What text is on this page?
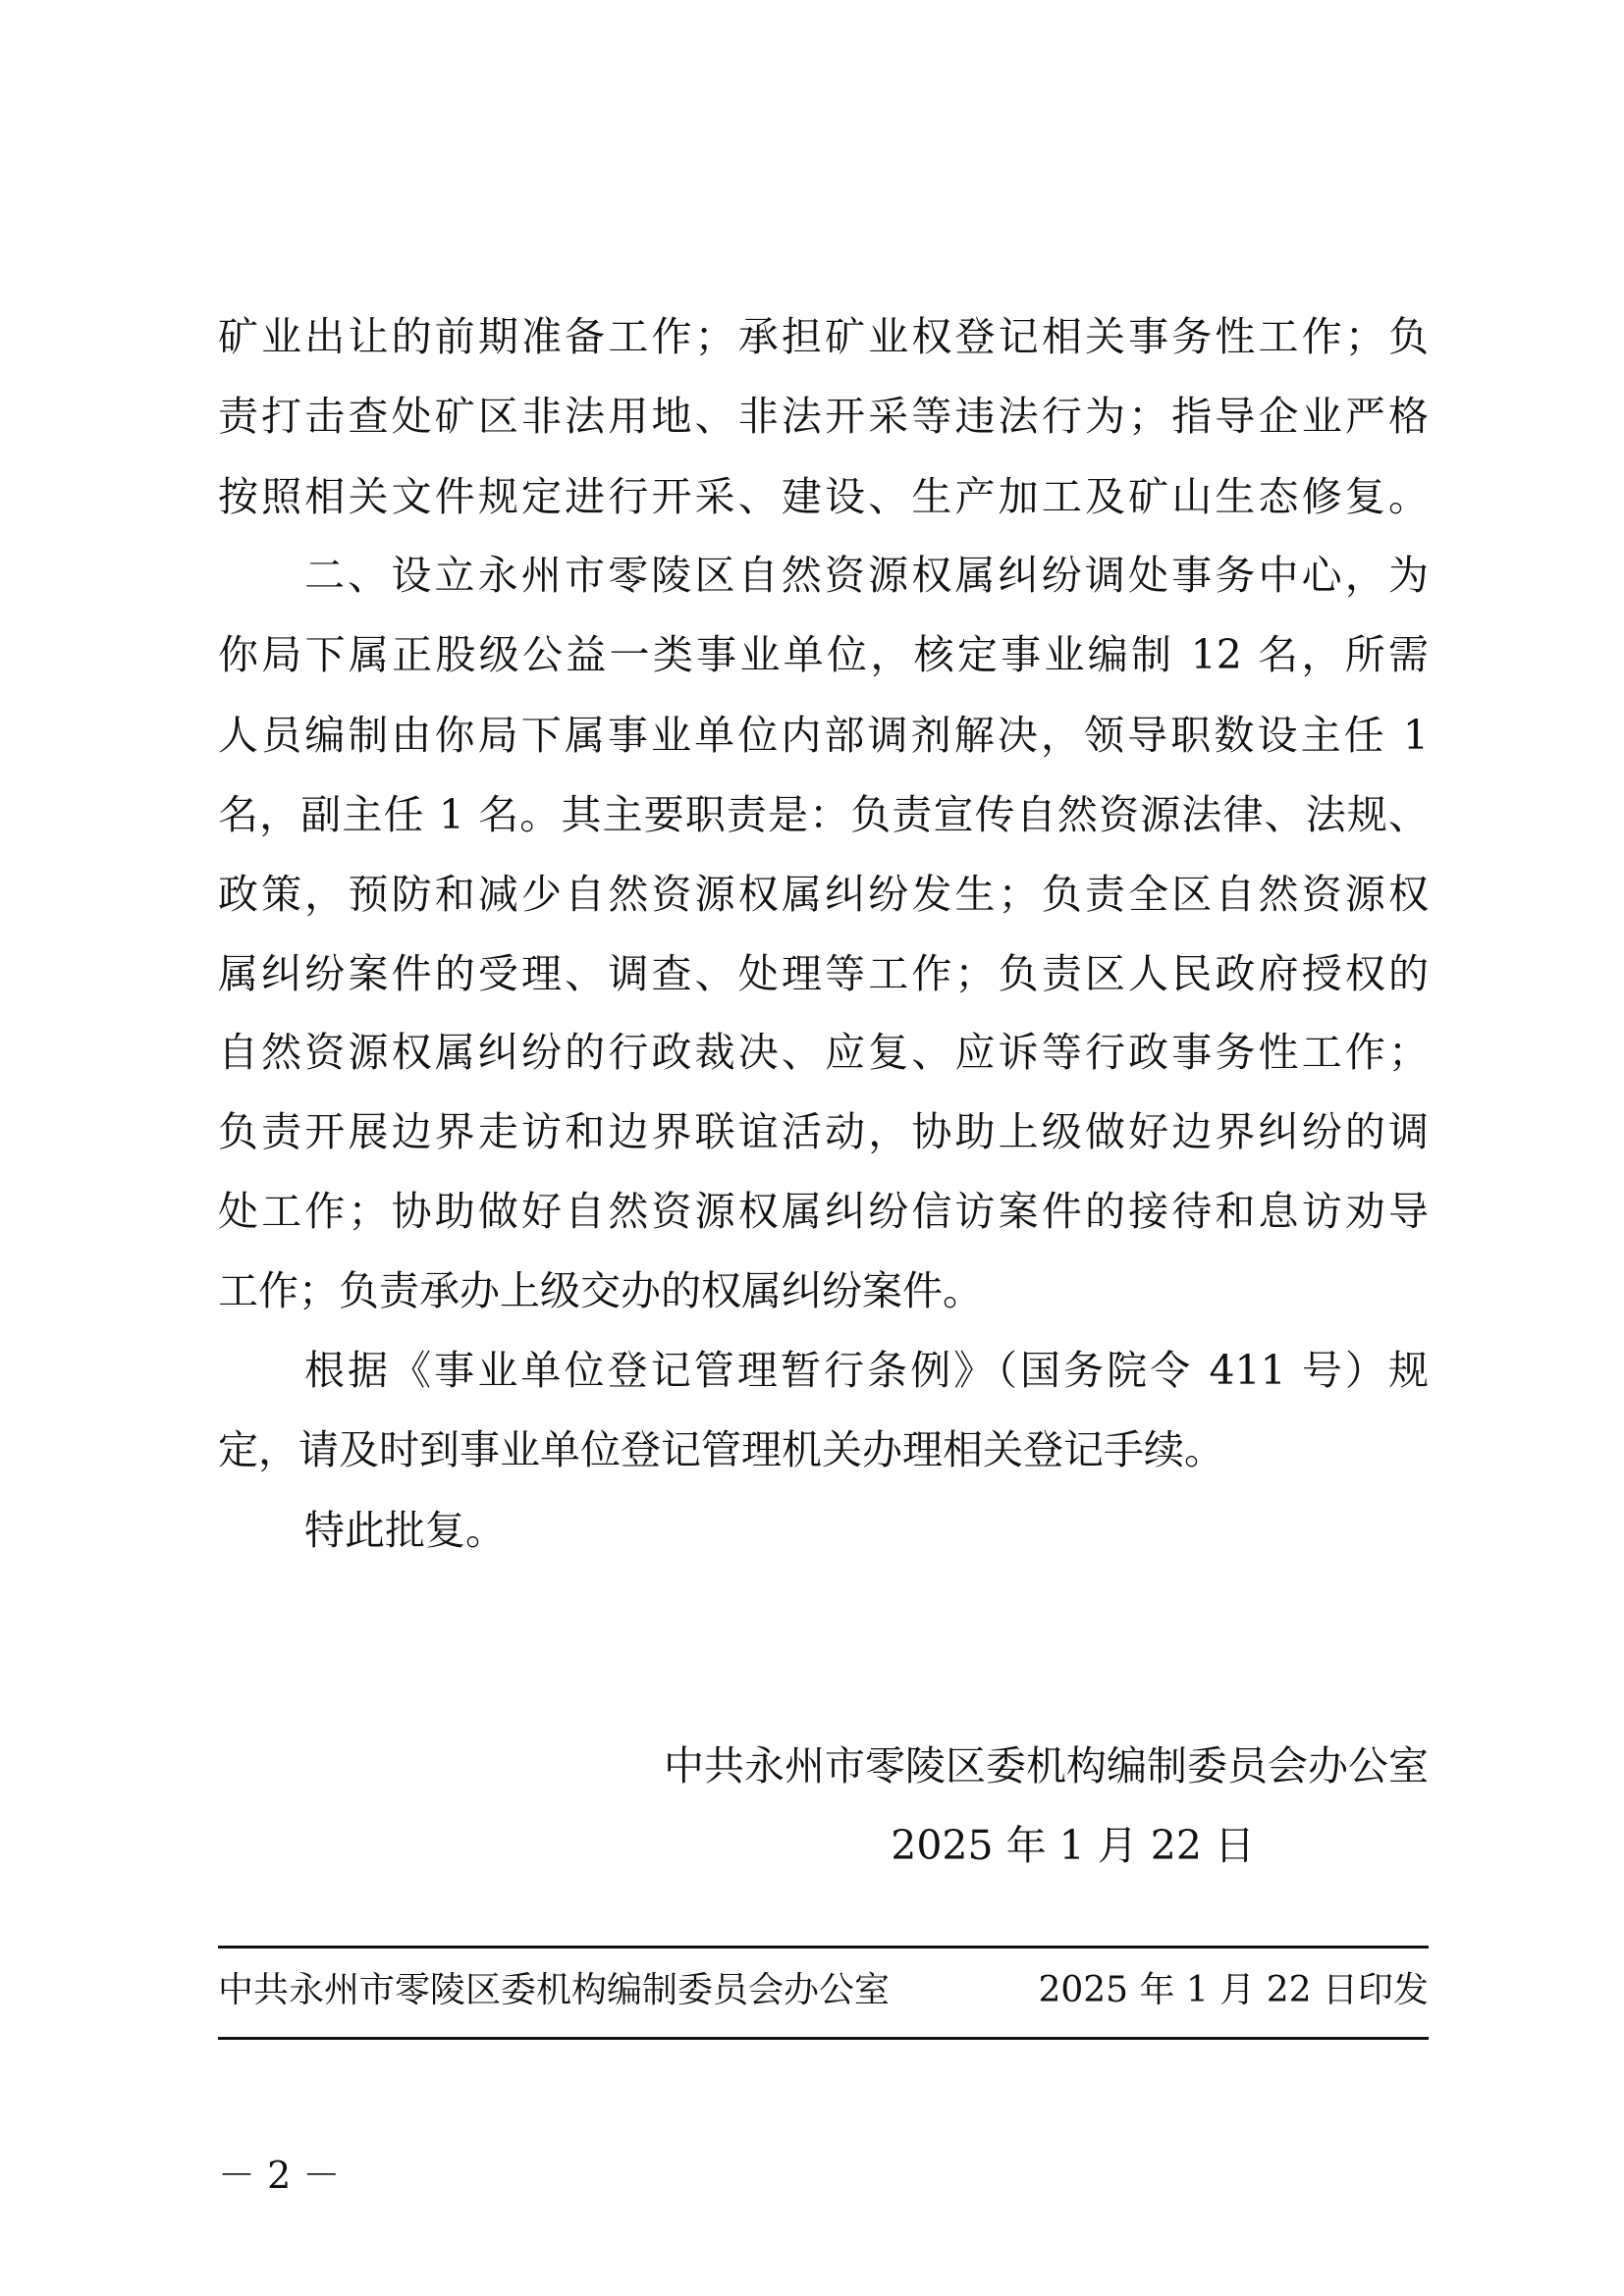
矿业出让的前期准备工作；承担矿业权登记相关事务性工作；负
责打击查处矿区非法用地、非法开采等违法行为；指导企业严格
按照相关文件规定进行开采、建设、生产加工及矿山生态修复。
二、设立永州市零陵区自然资源权属纠纷调处事务中心，为
你局下属正股级公益一类事业单位，核定事业编制 12 名，所需
人员编制由你局下属事业单位内部调剂解决，领导职数设主任 1
名，副主任 1 名。其主要职责是：负责宣传自然资源法律、法规、
政策，预防和减少自然资源权属纠纷发生；负责全区自然资源权
属纠纷案件的受理、调查、处理等工作；负责区人民政府授权的
自然资源权属纠纷的行政裁决、应复、应诉等行政事务性工作；
负责开展边界走访和边界联谊活动，协助上级做好边界纠纷的调
处工作；协助做好自然资源权属纠纷信访案件的接待和息访劝导
工作；负责承办上级交办的权属纠纷案件。
根据《事业单位登记管理暂行条例》（国务院令 411 号）规
定，请及时到事业单位登记管理机关办理相关登记手续。
特此批复。
中共永州市零陵区委机构编制委员会办公室
2025 年 1 月 22 日
中共永州市零陵区委机构编制委员会办公室	2025 年 1 月 22 日印发
－ 2 －
